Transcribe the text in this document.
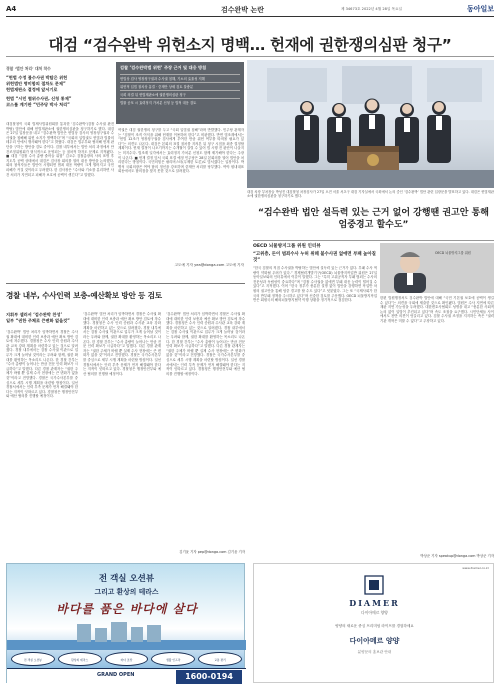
A4	검수완박 논란	제 34673호 2022년 4월 28일 목요일	동아일보
대검 “검수완박 위헌소지 명백… 헌재에 권한쟁의심판 청구”
경찰 ‘법안 처리’ 대처 착수
“헌법 수정 불수사권 박탈은 위헌
위헌법안 명미합의 절차도 문제”
헌법재판소 결정에 앞서기로
헌법 “시민 협위수사권, 신청 통제”
코스를 계기판 “민주당 박사 처리”
검찰 ‘검수완박법 위헌’ 주장 근거 및 대응 방침
헌법상 검사 영장청구권과 수사권 침해, 기소의 효율성 저해
위헌적 입법 절차상 흠결 · 중재안 상세 검토 불충분
국회 의결 뒤 헌법재판소에 권한쟁의심판 청구
법률 공포 시 효력정지 가처분 신청 등 법적 대응 검토
대검 차장 부처장들 박성진 대검찰청 차장검사가 27일 오전 서울 서초구 대검 기자실에서 국회에서 논의 중인 ‘검수완박’ 법안 관련 입장문을 발표하고 있다. 대검은 헌법재판소에 권한쟁의심판을 청구하기로 했다.
대검찰청이 국회 법제사법위원회를 통과한 ‘검수완박’(검찰 수사권 완전 박탈) 법안에 대해 헌법재판소에 권한쟁의심판을 청구하기로 했다. 대검은 27일 입장문을 내고 “검수완박 법안은 헌법상 검사의 영장청구권과 수사권을 침해해 위헌 소지가 명백하다”며 “국회의 입법권도 헌법과 법률의 테두리 안에서 행사돼야 한다”고 밝혔다. 대검은 법무부와 협의해 헌재 판단을 구하는 방안을 검토 중이다. 검찰 내부에서는 법안 처리 과정에서 안건조정위원회가 형식적으로 운영되는 등 절차적 하자도 문제로 지적됐다. ■ 대검 “검찰 수사 총량 줄어들 위험” 김오수 검찰총장의 사의 표명 후 지도부 공백 상태에서 대검은 검사장 회의를 열어 대응 방안을 논의했다. 회의 참석자들은 법안이 시행되면 범죄 대응 역량이 크게 떨어지고 국민 피해가 커질 것이라고 우려했다. 한 검사장은 “수사와 기소를 분리하면 사건 처리가 지연되고 피해자 보호에 공백이 생긴다”고 말했다.
여권은 대검 권한쟁의 청구를 두고 “국회 입법권 침해”라며 반발했다. 민주당 관계자는 “검찰이 조직 이익을 위해 헌재를 이용하려 한다”고 비판했다. 반면 법조계에서는 “헌법 12조가 영장청구권을 검사에게 부여한 만큼 위헌 여부를 따져볼 필요가 있다”는 의견도 나온다. 대검은 본회의 표결 절차를 지켜본 뒤 청구 시점을 최종 결정할 계획이다. 헌재 결정이 나오기까지는 수개월이 걸릴 수 있어 법 시행 전 판단이 나올지는 미지수다. 법조계 일각에서는 효력정지 가처분 신청도 함께 제기해야 한다는 주장이 나온다. ■ 헌재 결정 앞서 국회 표결 예정 민주당은 28일 본회의를 열어 법안을 처리한다는 방침이다. 국민의힘은 필리버스터(무제한 토론)로 맞서겠다는 입장이다. 박병석 국회의장은 여야 합의 정신을 강조하며 중재안 처리를 당부했다. 여야 원내대표 회동에서도 합의점을 찾지 못한 것으로 알려졌다.
고도예 기자 yea@donga.com 고도예 기자
“검수완박 법안 설득력 있는 근거 없어 강행땐 권고안 통해 엄중경고 할수도”
OECD 뇌물방지그룹 위원 인터뷰
“고위층, 돈이 범죄수사 누허 위해 불수사권 없애면 부패 높아질 것”
OECD 뇌물방지그룹 위원
“한국 검찰의 직접 수사권을 박탈하는 법안에 설득력 있는 근거가 없다. 부패 수사 역량이 약화될 우려가 있다.” 경제협력개발기구(OECD) 뇌물방지작업반 위원은 27일 동아일보와의 인터뷰에서 이같이 말했다. 그는 “특히 고위공직자 부패 범죄는 수사의 전문성과 독립성이 중요하다”며 “검찰 수사권을 없애면 부패 대응 능력이 떨어질 수 있다”고 지적했다. 이어 “한국 정부가 충분한 설명 없이 법안을 강행하면 작업반 차원의 권고안을 통해 엄중 경고를 할 수도 있다”고 덧붙였다. 그는 또 “국제사회가 한국의 반부패 정책을 주시하고 있다”며 신중한 검토를 주문했다. OECD 뇌물방지작업반은 회원국의 해외뇌물방지협약 이행 상황을 정기적으로 점검한다.
한편 법원행정처도 검수완박 법안에 대해 “국민 기본권 보호에 공백이 생길 수 있다”는 의견을 국회에 제출한 것으로 확인됐다. 법원은 수사 지연에 따른 재판 지연 가능성을 우려했다. 대한변호사협회도 성명을 내고 “충분한 사회적 논의 없이 입법이 추진되고 있다”며 속도 조절을 요구했다. 시민단체들 사이에서도 찬반 의견이 엇갈리고 있다. 검찰 수사권 조정을 지지하는 측은 “권력기관 개혁은 미룰 수 없다”고 주장하고 있다.
박상준 기자 speakup@donga.com 박상준 기자
경찰 내부, 수사인력 보충-예산확보 방안 등 검토
지휘부 셀러서 ‘검수완박 찬성’
일부 “권한 주체로 큰변화 없을것”
‘검수완박’ 법안 처리가 임박하면서 경찰은 수사권 확대에 대비한 인력 보충과 예산 확보 방안 검토에 착수했다. 경찰청은 수사 인력 증원과 수사관 교육 강화 계획을 마련하고 있는 것으로 알려졌다. 경찰 내부에서는 검찰 수사권 이관으로 업무가 크게 늘어날 것이라는 우려와 함께, 권한 확대를 환영하는 목소리도 나온다. 한 경찰 간부는 “수사 총량이 늘어나는 만큼 전문 인력 확보가 시급하다”고 말했다. 다른 경찰 관계자는 “권한 주체가 바뀔 뿐 실제 수사 현장에는 큰 변화가 없을 것”이라고 전망했다. 경찰은 국가수사본부를 중심으로 세부 시행 계획을 마련할 방침이다. 일선 경찰서에서는 인력 부족 문제가 먼저 해결돼야 한다는 지적이 잇따르고 있다. 경찰청은 행정안전부와 예산 협의를 진행할 예정이다.
‘검수완박’ 법안 처리가 임박하면서 경찰은 수사권 확대에 대비한 인력 보충과 예산 확보 방안 검토에 착수했다. 경찰청은 수사 인력 증원과 수사관 교육 강화 계획을 마련하고 있는 것으로 알려졌다. 경찰 내부에서는 검찰 수사권 이관으로 업무가 크게 늘어날 것이라는 우려와 함께, 권한 확대를 환영하는 목소리도 나온다. 한 경찰 간부는 “수사 총량이 늘어나는 만큼 전문 인력 확보가 시급하다”고 말했다. 다른 경찰 관계자는 “권한 주체가 바뀔 뿐 실제 수사 현장에는 큰 변화가 없을 것”이라고 전망했다. 경찰은 국가수사본부를 중심으로 세부 시행 계획을 마련할 방침이다. 일선 경찰서에서는 인력 부족 문제가 먼저 해결돼야 한다는 지적이 잇따르고 있다. 경찰청은 행정안전부와 예산 협의를 진행할 예정이다.
‘검수완박’ 법안 처리가 임박하면서 경찰은 수사권 확대에 대비한 인력 보충과 예산 확보 방안 검토에 착수했다. 경찰청은 수사 인력 증원과 수사관 교육 강화 계획을 마련하고 있는 것으로 알려졌다. 경찰 내부에서는 검찰 수사권 이관으로 업무가 크게 늘어날 것이라는 우려와 함께, 권한 확대를 환영하는 목소리도 나온다. 한 경찰 간부는 “수사 총량이 늘어나는 만큼 전문 인력 확보가 시급하다”고 말했다. 다른 경찰 관계자는 “권한 주체가 바뀔 뿐 실제 수사 현장에는 큰 변화가 없을 것”이라고 전망했다. 경찰은 국가수사본부를 중심으로 세부 시행 계획을 마련할 방침이다. 일선 경찰서에서는 인력 부족 문제가 먼저 해결돼야 한다는 지적이 잇따르고 있다. 경찰청은 행정안전부와 예산 협의를 진행할 예정이다.
김기윤 기자 pep@donga.com 김기윤 기자
전 객실 오션뷰
그리고 환상의 테라스
바다를 품은 바다에 살다
전 객실 오션뷰	환상의 테라스	바다 조망	생활 인프라	교통 편리
GRAND OPEN	1600-0194
www.diamer.co.kr
DIAMER
다이아메르 양양
양양의 새로운 중심 프리미엄 라이프를 경험하세요
다이아메르 양양
분양문의 홍보관 안내
